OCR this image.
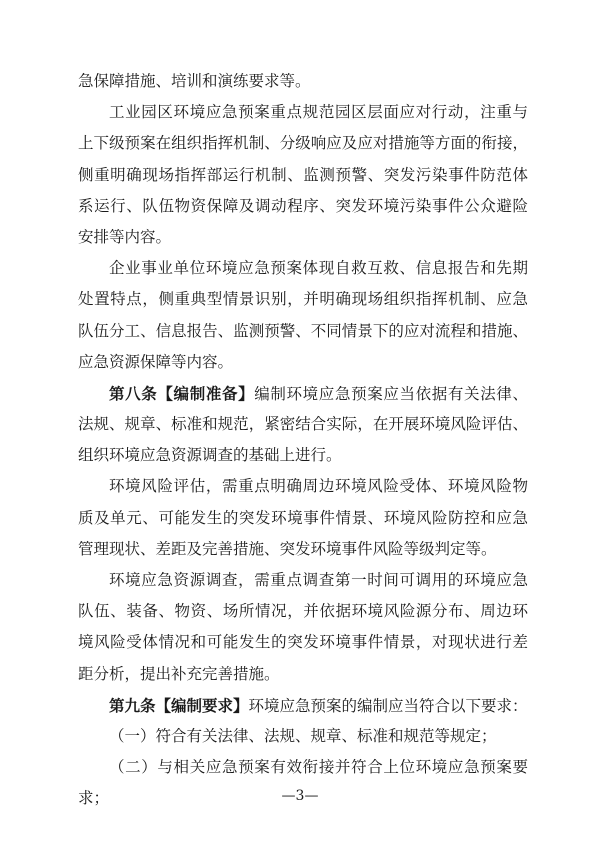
急保障措施、培训和演练要求等。
工业园区环境应急预案重点规范园区层面应对行动，注重与
上下级预案在组织指挥机制、分级响应及应对措施等方面的衔接，
侧重明确现场指挥部运行机制、监测预警、突发污染事件防范体
系运行、队伍物资保障及调动程序、突发环境污染事件公众避险
安排等内容。
企业事业单位环境应急预案体现自救互救、信息报告和先期
处置特点，侧重典型情景识别，并明确现场组织指挥机制、应急
队伍分工、信息报告、监测预警、不同情景下的应对流程和措施、
应急资源保障等内容。
第八条【编制准备】编制环境应急预案应当依据有关法律、
法规、规章、标准和规范，紧密结合实际，在开展环境风险评估、
组织环境应急资源调查的基础上进行。
环境风险评估，需重点明确周边环境风险受体、环境风险物
质及单元、可能发生的突发环境事件情景、环境风险防控和应急
管理现状、差距及完善措施、突发环境事件风险等级判定等。
环境应急资源调查，需重点调查第一时间可调用的环境应急
队伍、装备、物资、场所情况，并依据环境风险源分布、周边环
境风险受体情况和可能发生的突发环境事件情景，对现状进行差
距分析，提出补充完善措施。
第九条【编制要求】环境应急预案的编制应当符合以下要求：
（一）符合有关法律、法规、规章、标准和规范等规定；
（二）与相关应急预案有效衔接并符合上位环境应急预案要
求；	—3—
